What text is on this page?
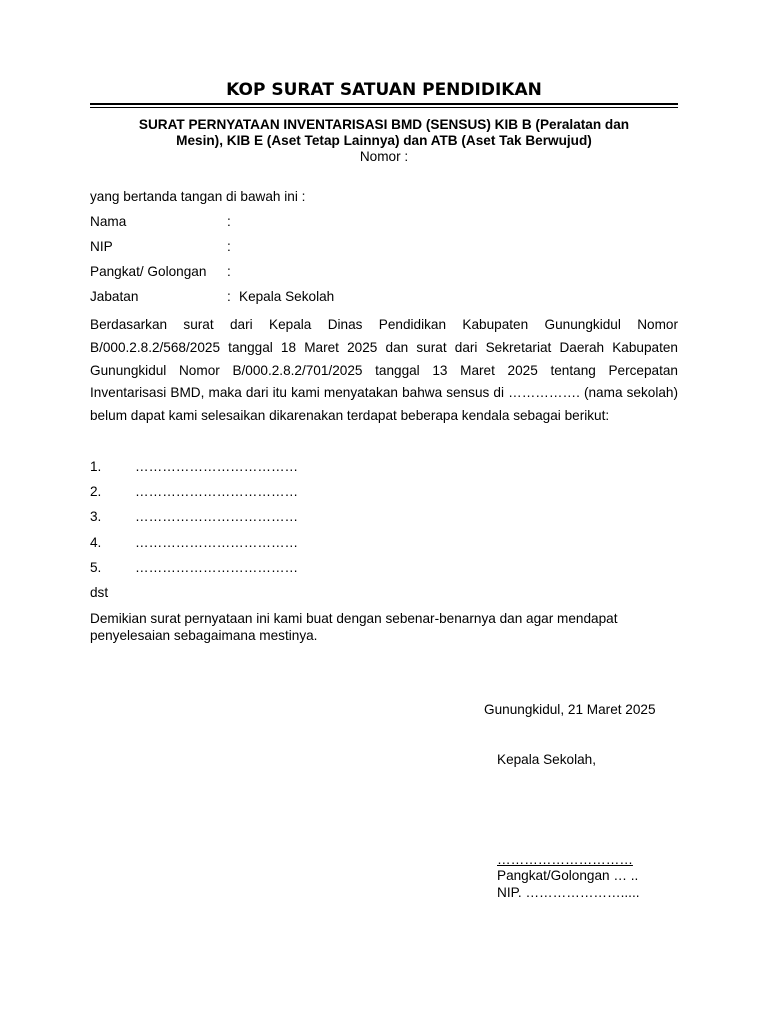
KOP SURAT SATUAN PENDIDIKAN
SURAT PERNYATAAN INVENTARISASI BMD (SENSUS) KIB B (Peralatan dan
Mesin), KIB E (Aset Tetap Lainnya) dan ATB (Aset Tak Berwujud)
Nomor :
yang bertanda tangan di bawah ini :
Nama	:
NIP	:
Pangkat/ Golongan :
Jabatan	: Kepala Sekolah
Berdasarkan surat dari Kepala Dinas Pendidikan Kabupaten Gunungkidul Nomor B/000.2.8.2/568/2025 tanggal 18 Maret 2025 dan surat dari Sekretariat Daerah Kabupaten Gunungkidul Nomor B/000.2.8.2/701/2025 tanggal 13 Maret 2025 tentang Percepatan Inventarisasi BMD, maka dari itu kami menyatakan bahwa sensus di ……………. (nama sekolah) belum dapat kami selesaikan dikarenakan terdapat beberapa kendala sebagai berikut:
1. ………………………………
2. ………………………………
3. ………………………………
4. ………………………………
5. ………………………………
dst
Demikian surat pernyataan ini kami buat dengan sebenar-benarnya dan agar mendapat penyelesaian sebagaimana mestinya.
Gunungkidul, 21 Maret 2025
Kepala Sekolah,
…………………………
Pangkat/Golongan … ..
NIP. ………………….....
